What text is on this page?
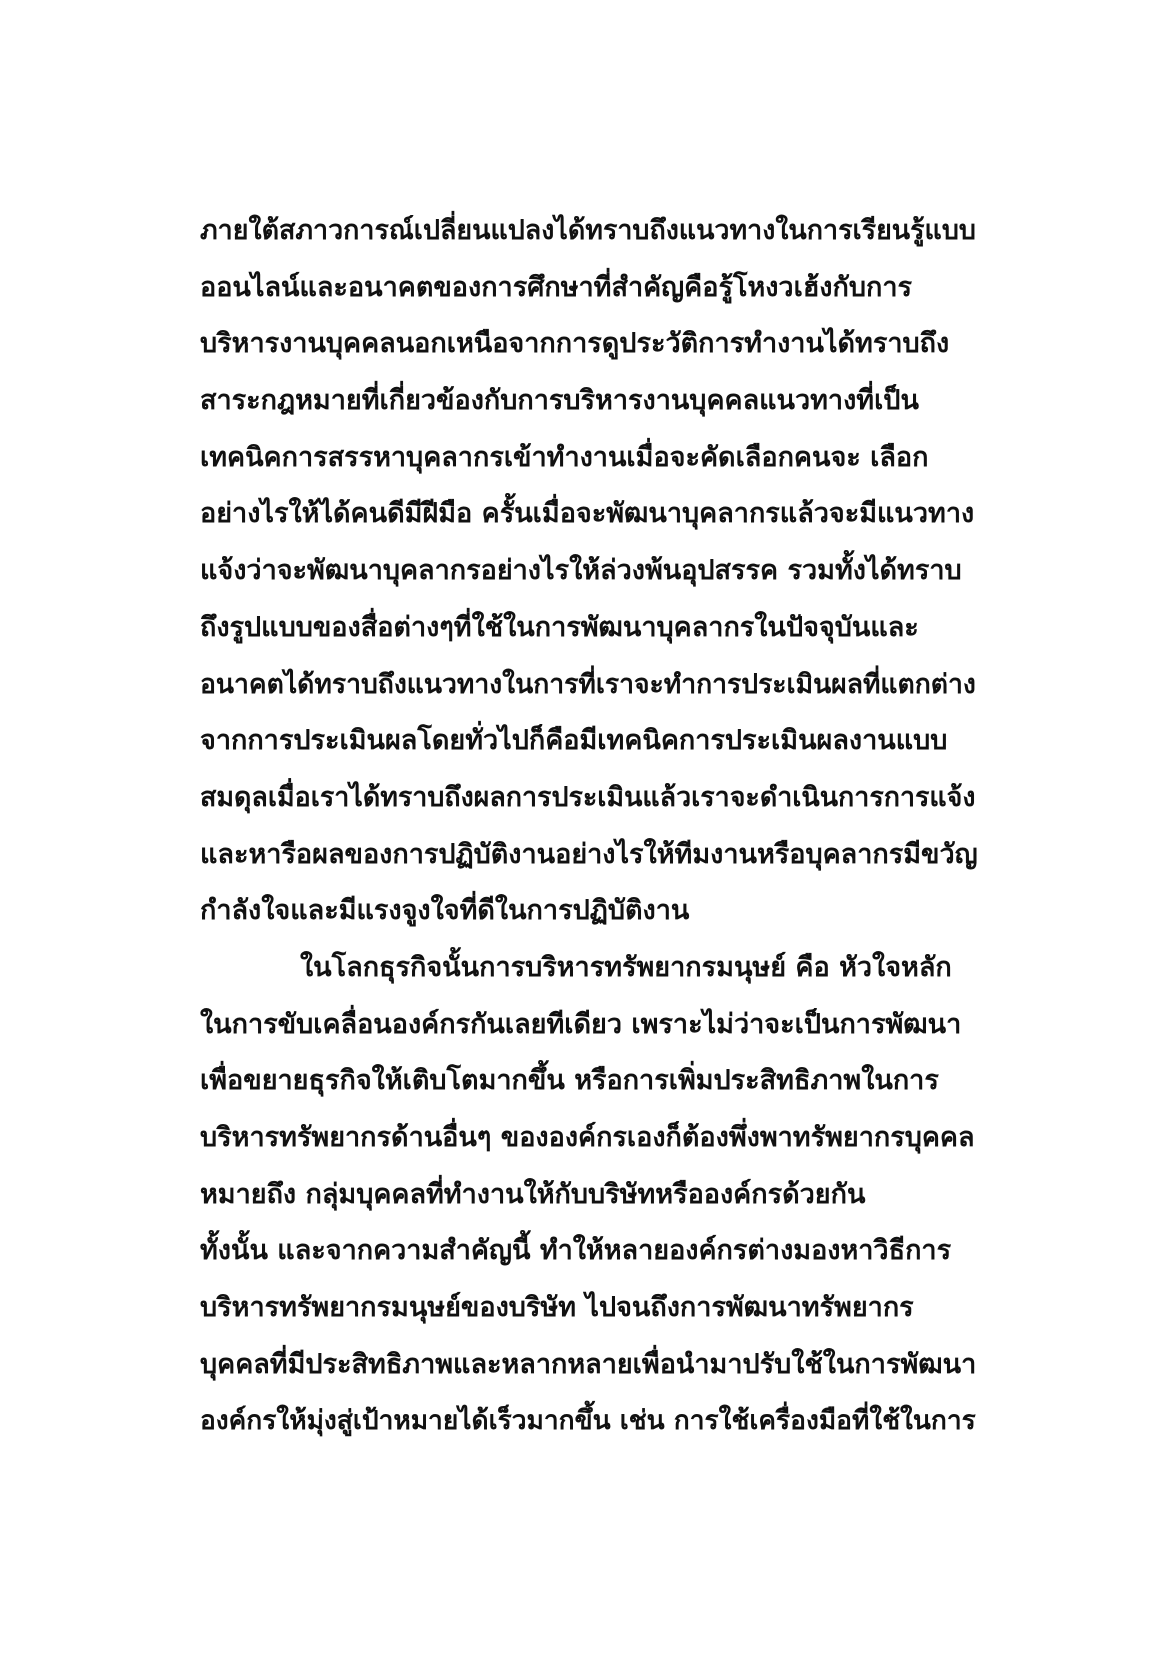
ภายใต้สภาวการณ์เปลี่ยนแปลงได้ทราบถึงแนวทางในการเรียนรู้แบบ
ออนไลน์และอนาคตของการศึกษาที่สำคัญคือรู้โหงวเฮ้งกับการ
บริหารงานบุคคลนอกเหนือจากการดูประวัติการทำงานได้ทราบถึง
สาระกฎหมายที่เกี่ยวข้องกับการบริหารงานบุคคลแนวทางที่เป็น
เทคนิคการสรรหาบุคลากรเข้าทำงานเมื่อจะคัดเลือกคนจะ เลือก
อย่างไรให้ได้คนดีมีฝีมือ ครั้นเมื่อจะพัฒนาบุคลากรแล้วจะมีแนวทาง
แจ้งว่าจะพัฒนาบุคลากรอย่างไรให้ล่วงพ้นอุปสรรค รวมทั้งได้ทราบ
ถึงรูปแบบของสื่อต่างๆที่ใช้ในการพัฒนาบุคลากรในปัจจุบันและ
อนาคตได้ทราบถึงแนวทางในการที่เราจะทำการประเมินผลที่แตกต่าง
จากการประเมินผลโดยทั่วไปก็คือมีเทคนิคการประเมินผลงานแบบ
สมดุลเมื่อเราได้ทราบถึงผลการประเมินแล้วเราจะดำเนินการการแจ้ง
และหารือผลของการปฏิบัติงานอย่างไรให้ทีมงานหรือบุคลากรมีขวัญ
กำลังใจและมีแรงจูงใจที่ดีในการปฏิบัติงาน
ในโลกธุรกิจนั้นการบริหารทรัพยากรมนุษย์ คือ หัวใจหลัก
ในการขับเคลื่อนองค์กรกันเลยทีเดียว เพราะไม่ว่าจะเป็นการพัฒนา
เพื่อขยายธุรกิจให้เติบโตมากขึ้น หรือการเพิ่มประสิทธิภาพในการ
บริหารทรัพยากรด้านอื่นๆ ขององค์กรเองก็ต้องพึ่งพาทรัพยากรบุคคล
หมายถึง กลุ่มบุคคลที่ทำงานให้กับบริษัทหรือองค์กรด้วยกัน
ทั้งนั้น และจากความสำคัญนี้ ทำให้หลายองค์กรต่างมองหาวิธีการ
บริหารทรัพยากรมนุษย์ของบริษัท ไปจนถึงการพัฒนาทรัพยากร
บุคคลที่มีประสิทธิภาพและหลากหลายเพื่อนำมาปรับใช้ในการพัฒนา
องค์กรให้มุ่งสู่เป้าหมายได้เร็วมากขึ้น เช่น การใช้เครื่องมือที่ใช้ในการ
